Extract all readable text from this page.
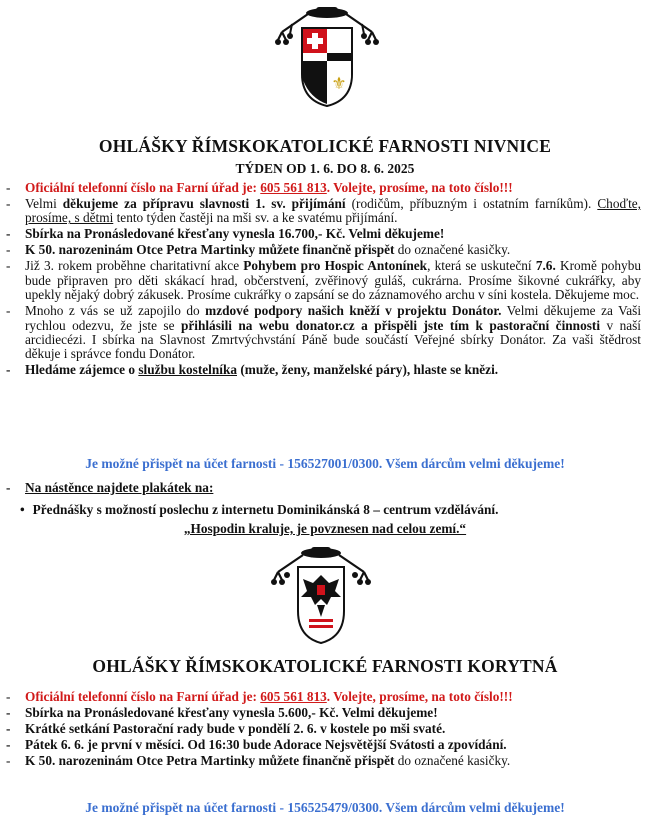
⚜
OHLÁŠKY ŘÍMSKOKATOLICKÉ FARNOSTI NIVNICE
TÝDEN OD 1. 6. DO 8. 6. 2025
- Oficiální telefonní číslo na Farní úřad je: 605 561 813. Volejte, prosíme, na toto číslo!!!
- Velmi děkujeme za přípravu slavnosti 1. sv. přijímání (rodičům, příbuzným i ostatním farníkům). Choďte, prosíme, s dětmi tento týden častěji na mši sv. a ke svatému přijímání.
- Sbírka na Pronásledované křesťany vynesla 16.700,- Kč. Velmi děkujeme!
- K 50. narozeninám Otce Petra Martinky můžete finančně přispět do označené kasičky.
- Již 3. rokem proběhne charitativní akce Pohybem pro Hospic Antonínek, která se uskuteční 7.6. Kromě pohybu bude připraven pro děti skákací hrad, občerstvení, zvěřinový guláš, cukrárna. Prosíme šikovné cukrářky, aby upekly nějaký dobrý zákusek. Prosíme cukrářky o zapsání se do záznamového archu v síni kostela. Děkujeme moc.
- Mnoho z vás se už zapojilo do mzdové podpory našich kněží v projektu Donátor. Velmi děkujeme za Vaši rychlou odezvu, že jste se přihlásili na webu donator.cz a přispěli jste tím k pastorační činnosti v naší arcidiecézi. I sbírka na Slavnost Zmrtvýchvstání Páně bude součástí Veřejné sbírky Donátor. Za vaši štědrost děkuje i správce fondu Donátor.
- Hledáme zájemce o službu kostelníka (muže, ženy, manželské páry), hlaste se knězi.
Je možné přispět na účet farnosti - 156527001/0300. Všem dárcům velmi děkujeme!
- Na nástěnce najdete plakátek na:
• Přednášky s možností poslechu z internetu Dominikánská 8 – centrum vzdělávání.
„Hospodin kraluje, je povznesen nad celou zemí.“
OHLÁŠKY ŘÍMSKOKATOLICKÉ FARNOSTI KORYTNÁ
- Oficiální telefonní číslo na Farní úřad je: 605 561 813. Volejte, prosíme, na toto číslo!!!
- Sbírka na Pronásledované křesťany vynesla 5.600,- Kč. Velmi děkujeme!
- Krátké setkání Pastorační rady bude v pondělí 2. 6. v kostele po mši svaté.
- Pátek 6. 6. je první v měsíci. Od 16:30 bude Adorace Nejsvětější Svátosti a zpovídání.
- K 50. narozeninám Otce Petra Martinky můžete finančně přispět do označené kasičky.
Je možné přispět na účet farnosti - 156525479/0300. Všem dárcům velmi děkujeme!
